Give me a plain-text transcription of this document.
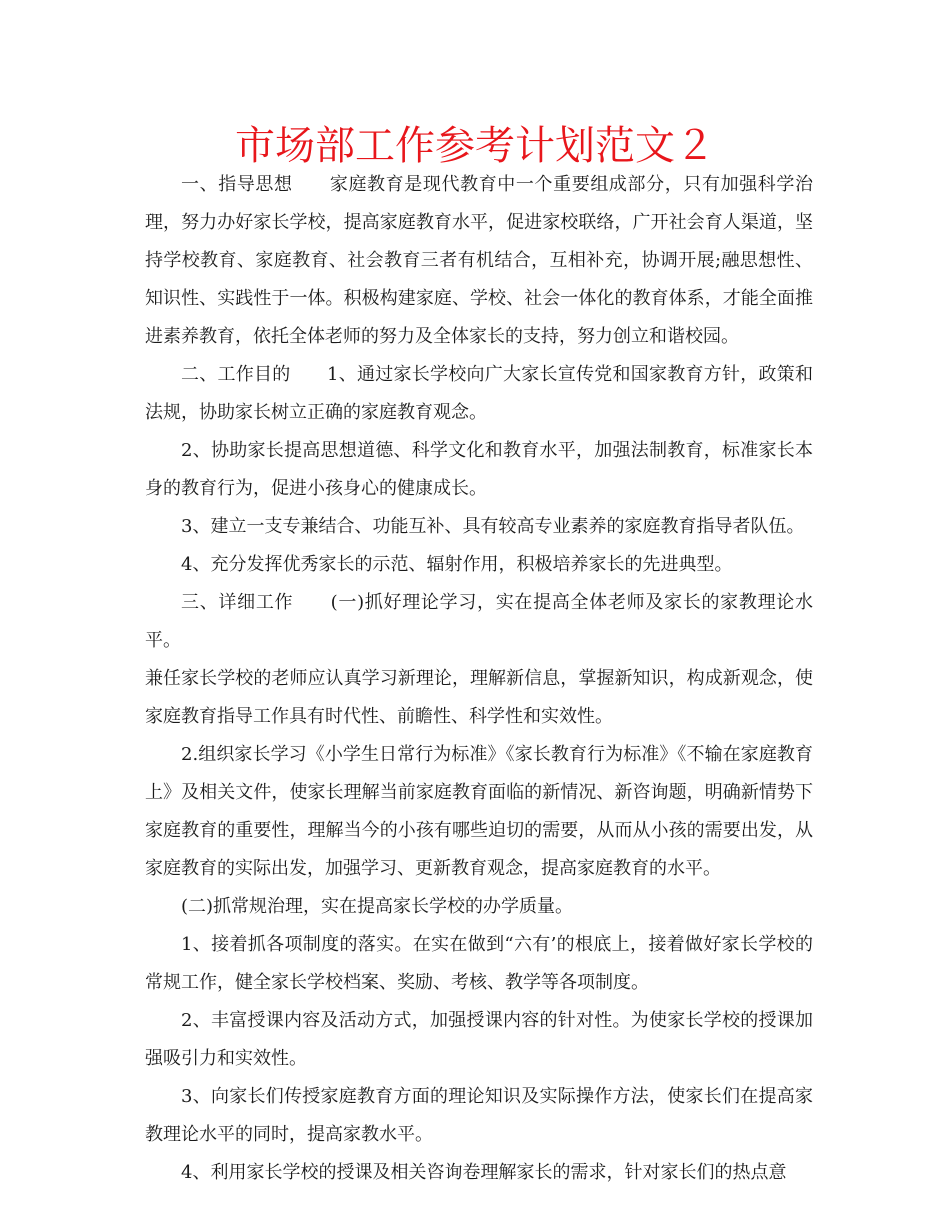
市场部工作参考计划范文２

一、指导思想　　家庭教育是现代教育中一个重要组成部分，只有加强科学治理，努力办好家长学校，提高家庭教育水平，促进家校联络，广开社会育人渠道，坚持学校教育、家庭教育、社会教育三者有机结合，互相补充，协调开展;融思想性、知识性、实践性于一体。积极构建家庭、学校、社会一体化的教育体系，才能全面推进素养教育，依托全体老师的努力及全体家长的支持，努力创立和谐校园。

二、工作目的　　1、通过家长学校向广大家长宣传党和国家教育方针，政策和法规，协助家长树立正确的家庭教育观念。

2、协助家长提高思想道德、科学文化和教育水平，加强法制教育，标准家长本身的教育行为，促进小孩身心的健康成长。

3、建立一支专兼结合、功能互补、具有较高专业素养的家庭教育指导者队伍。

4、充分发挥优秀家长的示范、辐射作用，积极培养家长的先进典型。

三、详细工作　　(一)抓好理论学习，实在提高全体老师及家长的家教理论水平。

兼任家长学校的老师应认真学习新理论，理解新信息，掌握新知识，构成新观念，使家庭教育指导工作具有时代性、前瞻性、科学性和实效性。

2.组织家长学习《小学生日常行为标准》《家长教育行为标准》《不输在家庭教育上》及相关文件，使家长理解当前家庭教育面临的新情况、新咨询题，明确新情势下家庭教育的重要性，理解当今的小孩有哪些迫切的需要，从而从小孩的需要出发，从家庭教育的实际出发，加强学习、更新教育观念，提高家庭教育的水平。

(二)抓常规治理，实在提高家长学校的办学质量。

1、接着抓各项制度的落实。在实在做到“六有’的根底上，接着做好家长学校的常规工作，健全家长学校档案、奖励、考核、教学等各项制度。

2、丰富授课内容及活动方式，加强授课内容的针对性。为使家长学校的授课加强吸引力和实效性。

3、向家长们传授家庭教育方面的理论知识及实际操作方法，使家长们在提高家教理论水平的同时，提高家教水平。

4、利用家长学校的授课及相关咨询卷理解家长的需求，针对家长们的热点意
